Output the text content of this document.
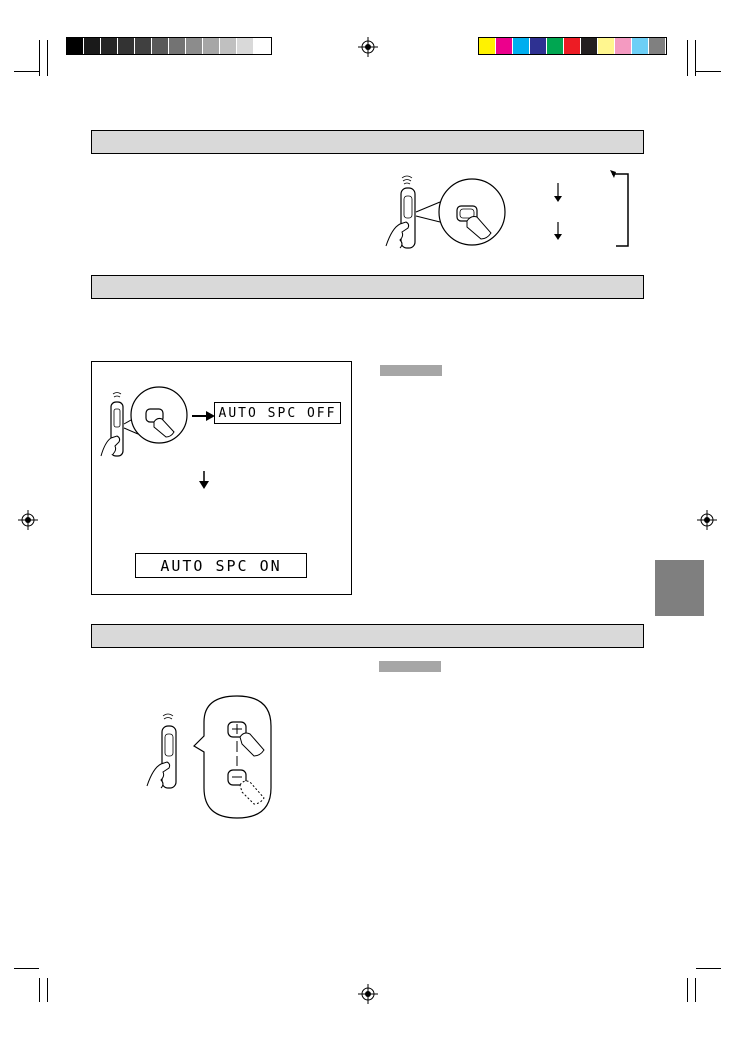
AUTO SPC OFF
AUTO SPC ON
